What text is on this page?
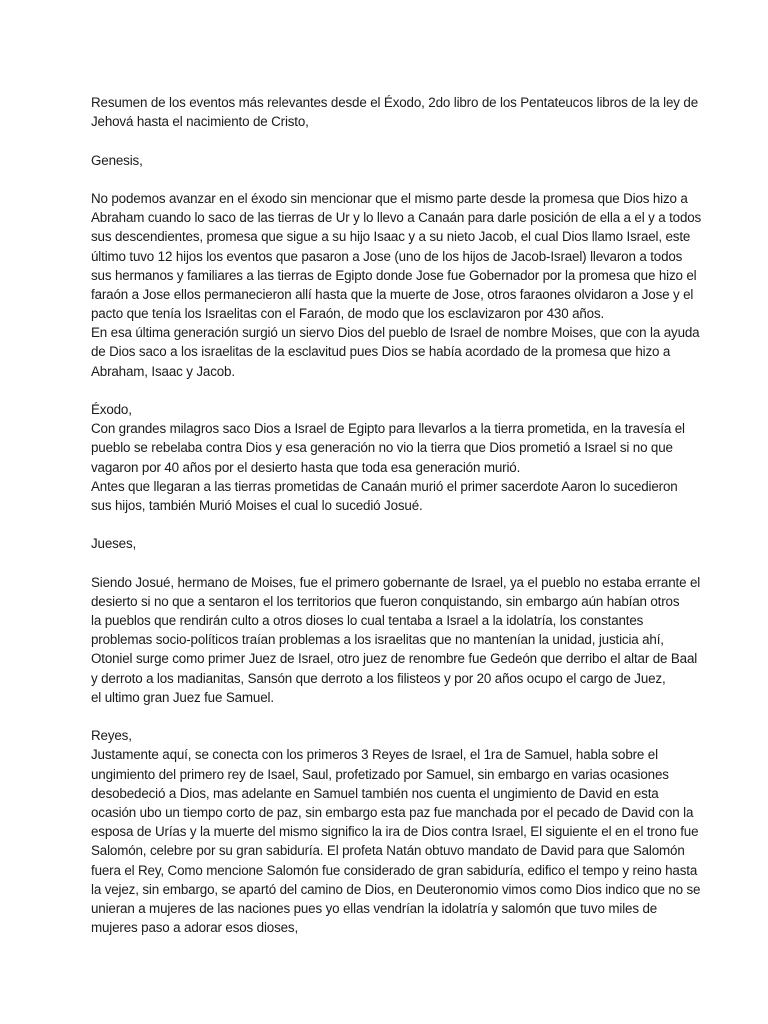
Resumen de los eventos más relevantes desde el Éxodo, 2do libro de los Pentateucos libros de la ley de
Jehová hasta el nacimiento de Cristo,
Genesis,
No podemos avanzar en el éxodo sin mencionar que el mismo parte desde la promesa que Dios hizo a
Abraham cuando lo saco de las tierras de Ur y lo llevo a Canaán para darle posición de ella a el y a todos
sus descendientes, promesa que sigue a su hijo Isaac y a su nieto Jacob, el cual Dios llamo Israel, este
último tuvo 12 hijos los eventos que pasaron a Jose (uno de los hijos de Jacob-Israel) llevaron a todos
sus hermanos y familiares a las tierras de Egipto donde Jose fue Gobernador por la promesa que hizo el
faraón a Jose ellos permanecieron allí hasta que la muerte de Jose, otros faraones olvidaron a Jose y el
pacto que tenía los Israelitas con el Faraón, de modo que los esclavizaron por 430 años.
En esa última generación surgió un siervo Dios del pueblo de Israel de nombre Moises, que con la ayuda
de Dios saco a los israelitas de la esclavitud pues Dios se había acordado de la promesa que hizo a
Abraham, Isaac y Jacob.
Éxodo,
Con grandes milagros saco Dios a Israel de Egipto para llevarlos a la tierra prometida, en la travesía el
pueblo se rebelaba contra Dios y esa generación no vio la tierra que Dios prometió a Israel si no que
vagaron por 40 años por el desierto hasta que toda esa generación murió.
Antes que llegaran a las tierras prometidas de Canaán murió el primer sacerdote Aaron lo sucedieron
sus hijos, también Murió Moises el cual lo sucedió Josué.
Jueses,
Siendo Josué, hermano de Moises, fue el primero gobernante de Israel, ya el pueblo no estaba errante el
desierto si no que a sentaron el los territorios que fueron conquistando, sin embargo aún habían otros
la pueblos que rendirán culto a otros dioses lo cual tentaba a Israel a la idolatría, los constantes
problemas socio-políticos traían problemas a los israelitas que no mantenían la unidad, justicia ahí,
Otoniel surge como primer Juez de Israel, otro juez de renombre fue Gedeón que derribo el altar de Baal
y derroto a los madianitas, Sansón que derroto a los filisteos y por 20 años ocupo el cargo de Juez,
el ultimo gran Juez fue Samuel.
Reyes,
Justamente aquí, se conecta con los primeros 3 Reyes de Israel, el 1ra de Samuel, habla sobre el
ungimiento del primero rey de Isael, Saul, profetizado por Samuel, sin embargo en varias ocasiones
desobedeció a Dios, mas adelante en Samuel también nos cuenta el ungimiento de David en esta
ocasión ubo un tiempo corto de paz, sin embargo esta paz fue manchada por el pecado de David con la
esposa de Urías y la muerte del mismo significo la ira de Dios contra Israel, El siguiente el en el trono fue
Salomón, celebre por su gran sabiduría. El profeta Natán obtuvo mandato de David para que Salomón
fuera el Rey, Como mencione Salomón fue considerado de gran sabiduría, edifico el tempo y reino hasta
la vejez, sin embargo, se apartó del camino de Dios, en Deuteronomio vimos como Dios indico que no se
unieran a mujeres de las naciones pues yo ellas vendrían la idolatría y salomón que tuvo miles de
mujeres paso a adorar esos dioses,
